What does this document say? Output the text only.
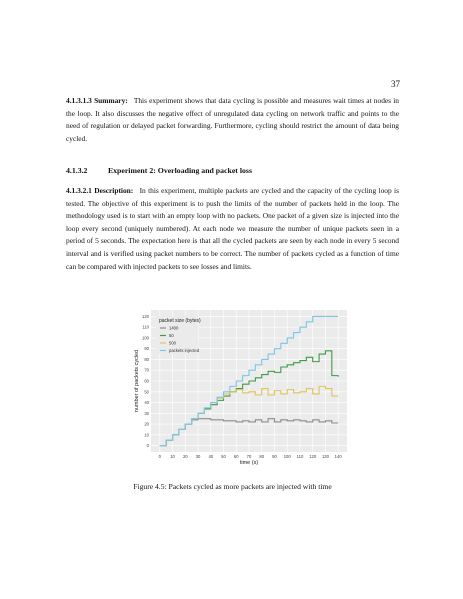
37
4.1.3.1.3 Summary: This experiment shows that data cycling is possible and measures wait times at nodes in the loop. It also discusses the negative effect of unregulated data cycling on network traffic and points to the need of regulation or delayed packet forwarding. Furthermore, cycling should restrict the amount of data being cycled.
4.1.3.2	Experiment 2: Overloading and packet loss
4.1.3.2.1 Description: In this experiment, multiple packets are cycled and the capacity of the cycling loop is tested. The objective of this experiment is to push the limits of the number of packets held in the loop. The methodology used is to start with an empty loop with no packets. One packet of a given size is injected into the loop every second (uniquely numbered). At each node we measure the number of unique packets seen in a period of 5 seconds. The expectation here is that all the cycled packets are seen by each node in every 5 second interval and is verified using packet numbers to be correct. The number of packets cycled as a function of time can be compared with injected packets to see losses and limits.
0 10 20 30 40 50 60 70 80 90 100 110 120 130 140
0
10
20
30
40
50
60
70
80
90
100
110
120
packet size (bytes)
1400
50
500
packets injected
time (s)
number of packets cycled
Figure 4.5: Packets cycled as more packets are injected with time
